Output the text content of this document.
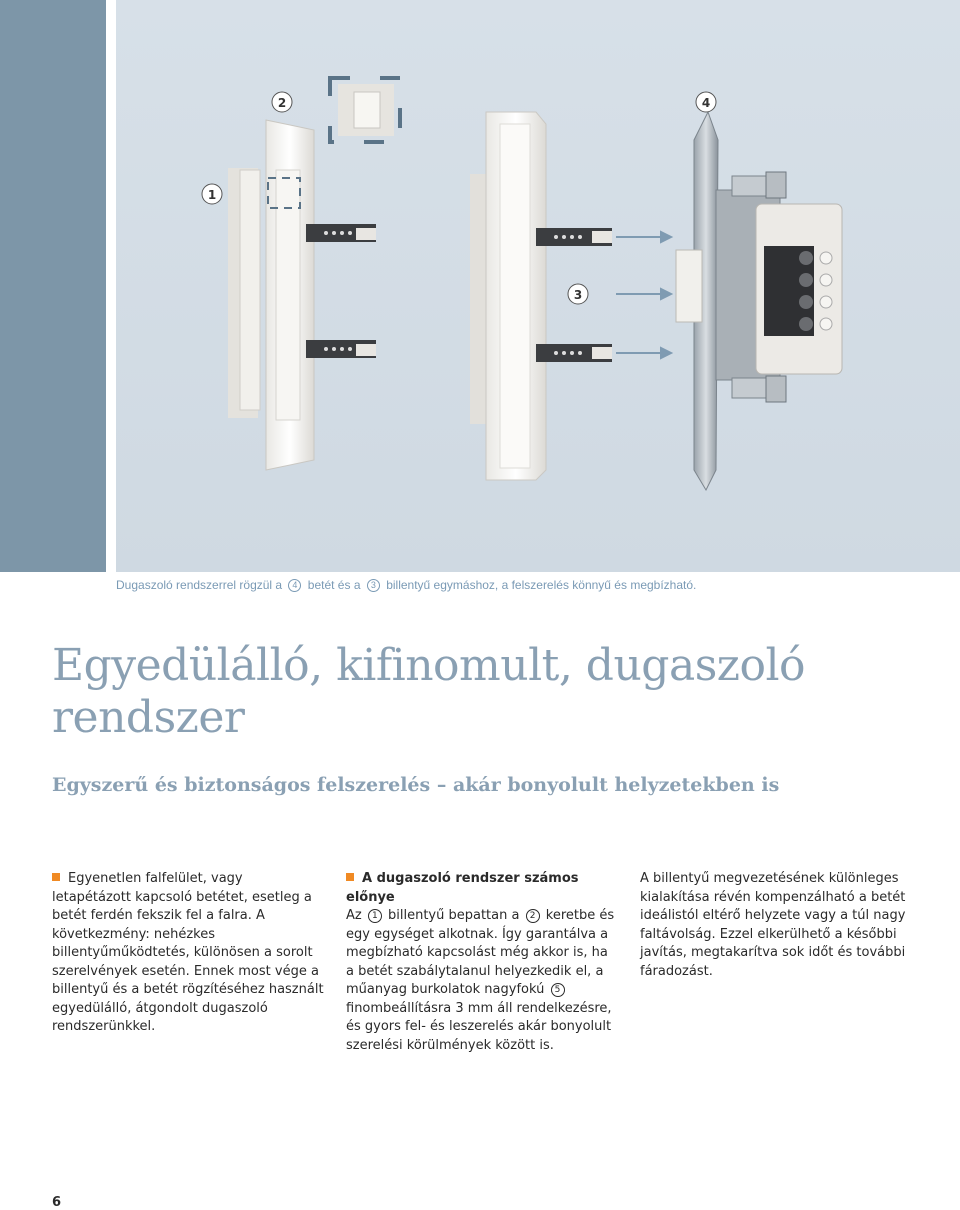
1
2
3
4
Dugaszoló rendszerrel rögzül a 4 betét és a 3 billentyű egymáshoz, a felszerelés könnyű és megbízható.
Egyedülálló, kifinomult, dugaszoló rendszer
Egyszerű és biztonságos felszerelés – akár bonyolult helyzetekben is
Egyenetlen falfelület, vagy letapétázott kapcsoló betétet, esetleg a betét ferdén fekszik fel a falra. A következmény: nehézkes billentyűműködtetés, különösen a sorolt szerelvények esetén. Ennek most vége a billentyű és a betét rögzítéséhez használt egyedülálló, átgondolt dugaszoló rendszerünkkel.
A dugaszoló rendszer számos előnye
Az 1 billentyű bepattan a 2 keretbe és egy egységet alkotnak. Így garantálva a megbízható kapcsolást még akkor is, ha a betét szabálytalanul helyezkedik el, a műanyag burkolatok nagyfokú 5 finombeállításra 3 mm áll rendelkezésre, és gyors fel- és leszerelés akár bonyolult szerelési körülmények között is.
A billentyű megvezetésének különleges kialakítása révén kompenzálható a betét ideálistól eltérő helyzete vagy a túl nagy faltávolság. Ezzel elkerülhető a későbbi javítás, megtakarítva sok időt és további fáradozást.
6
